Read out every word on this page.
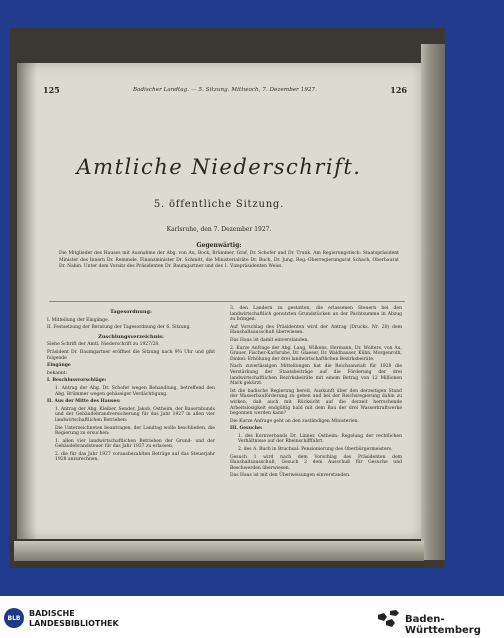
125	Badischer Landtag. — 5. Sitzung. Mittwoch, 7. Dezember 1927.	126
Amtliche Niederschrift.
5. öffentliche Sitzung.
Karlsruhe, den 7. Dezember 1927.
Gegenwärtig:
Die Mitglieder des Hauses mit Ausnahme der Abg. von Au, Bock, Brümmer, Graf, Dr. Schofer und Dr. Trunk. Am Regierungstisch: Staatspräsident Minister des Innern Dr. Remmele, Finanzminister Dr. Schmitt, die Ministerialräte Dr. Buch, Dr. Jung, Reg.-Oberregierungsrat Schach, Oberbaurat Dr. Nabin. Unter dem Vorsitz des Präsidenten Dr. Baumgartner und des 1. Vizepräsidenten Weiss.
Tagesordnung:
I. Mitteilung der Eingänge.
II. Festsetzung der Beratung der Tagesordnung der 6. Sitzung.
Zuschlungsverzeichnis:
Siehe Schrift der Amtl. Niederschrift zu 1927/28.
Präsident Dr. Baumgartner eröffnet die Sitzung nach 9¾ Uhr und gibt folgende
Eingänge
bekannt:
I. Beschlussvorschläge:
1. Antrag der Abg. Dr. Schofer wegen Behandlung, betreffend den Abg. Brümmer wegen gehässiger Verdächtigung.
II. Aus der Mitte des Hauses:
1. Antrag der Abg. Kleiber, Sender, Jakob, Ostheim, der Bauernbunds und der Gebäudebrandversicherung für das Jahr 1927 in allen vier landwirtschaftlichen Betrieben:
Die Unterzeichneten beantragen, der Landtag wolle beschließen, die Regierung zu ersuchen:
1. allen vier landwirtschaftlichen Betrieben der Grund- und der Gebäudebrandsteuer für das Jahr 1927 zu erlassen,
2. die für das Jahr 1927 vorausbezahlten Beträge auf das Steuerjahr 1928 anzurechnen,
3. den Landern zu gestatten, die erlassenen Steuern bei den landwirtschaftlich genutzten Grundstücken an der Pachtsumme in Abzug zu bringen.
Auf Vorschlag des Präsidenten wird der Antrag (Drucks. Nr. 20) dem Haushaltsausschuß überwiesen.
Das Haus ist damit einverstanden.
2. Kurze Anfrage der Abg. Lang, Wilkens, Hermann, Dr. Wolters, von Au, Grauer, Fischer-Karlsruhe, Dr. Glaeser, Dr. Waldhauser, Kühn, Morgenroth, Dinkel: Erhöhung der drei landwirtschaftlichen Bezirksbeiräte.
Nach zuverlässigen Mitteilungen hat die Reichsanstalt für 1928 die Verstärkung der Staatsbeiträge auf die Förderung der drei landwirtschaftlichen Bezirksbeiräte mit einem Betrag von 12 Millionen Mark gekürzt.
Ist die badische Regierung bereit, Auskunft über den derzeitigen Stand der Wasserbauförderung zu geben und bei der Reichsregierung dahin zu wirken, daß auch mit Rücksicht auf die derzeit herrschende Arbeitslosigkeit endgültig bald mit dem Bau der drei Wasserkraftwerke begonnen werden kann?
Die Kurze Anfrage geht an den zuständigen Ministerien.
III. Gesuche:
1. des Kornverbands Dr. Linner, Ostheim: Regelung der rechtlichen Verhältnisse auf der Rheinschifffahrt.
2. des A. Buch in Bruchsal: Pensionierung des Oberbürgermeisters.
Gesuch 1 wird nach dem Vorschlag des Präsidenten dem Haushaltsausschuß, Gesuch 2 dem Ausschuß für Gesuche und Beschwerden überwiesen.
Das Haus ist mit den Überweisungen einverstanden.
BLB	BADISCHE
LANDESBIBLIOTHEK	Baden-Württemberg
